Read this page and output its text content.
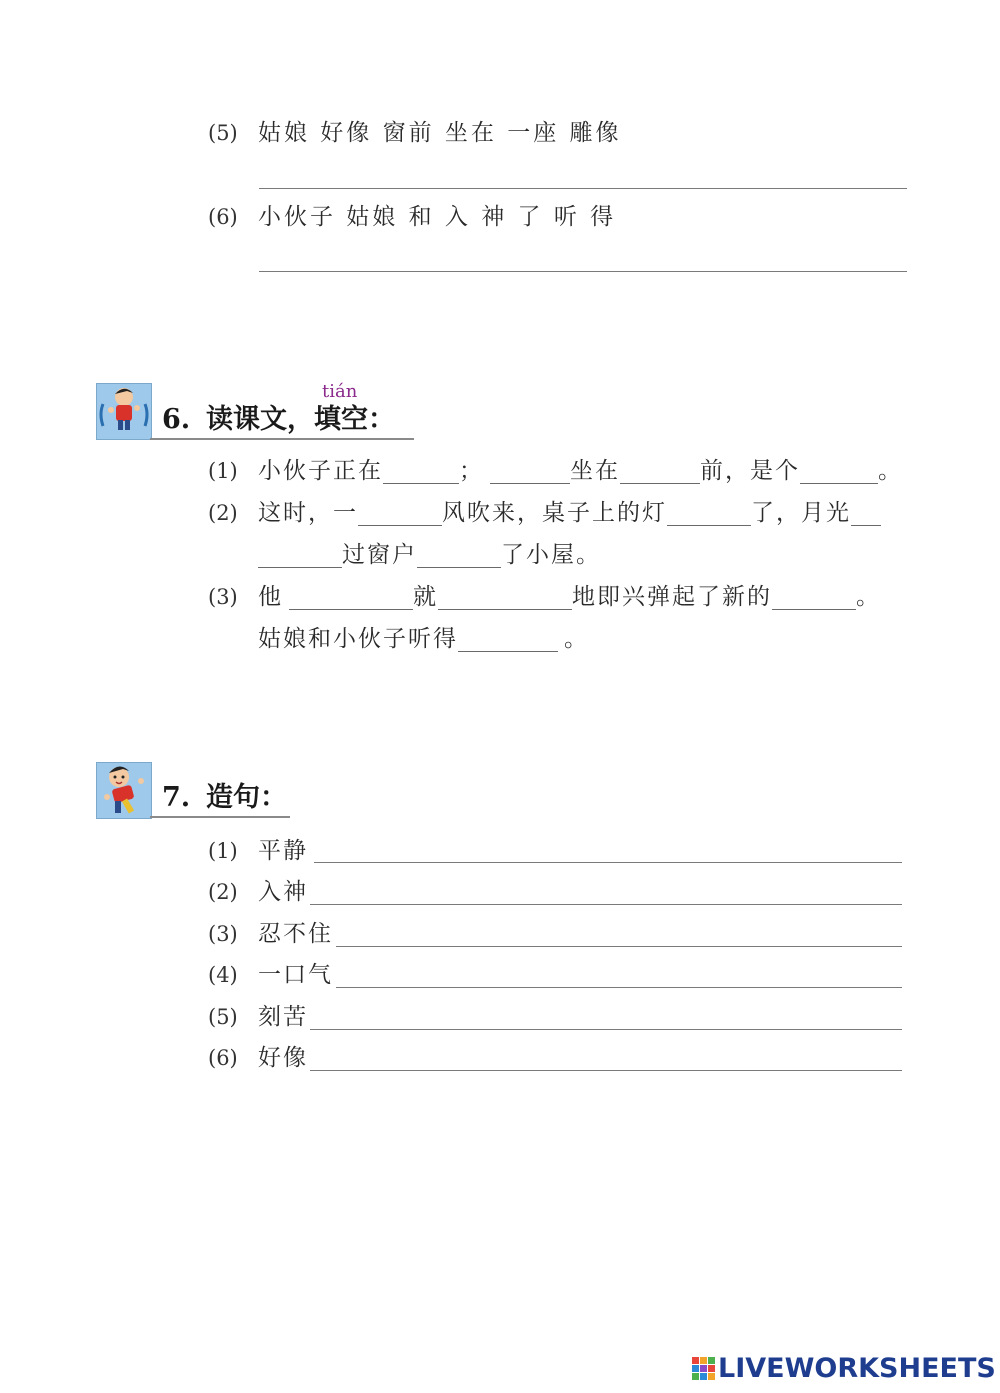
(5) 姑娘 好像 窗前 坐在 一座 雕像
(6) 小伙子 姑娘 和 入 神 了 听 得
tián
6. 读课文，填空：
(1) 小伙子正在	；	坐在	前，是个	。
(2) 这时，一	风吹来，桌子上的灯	了，月光
过窗户	了小屋。
(3) 他	就	地即兴弹起了新的	。
姑娘和小伙子听得	。
7. 造句：
(1) 平静
(2) 入神
(3) 忍不住
(4) 一口气
(5) 刻苦
(6) 好像
LIVEWORKSHEETS
